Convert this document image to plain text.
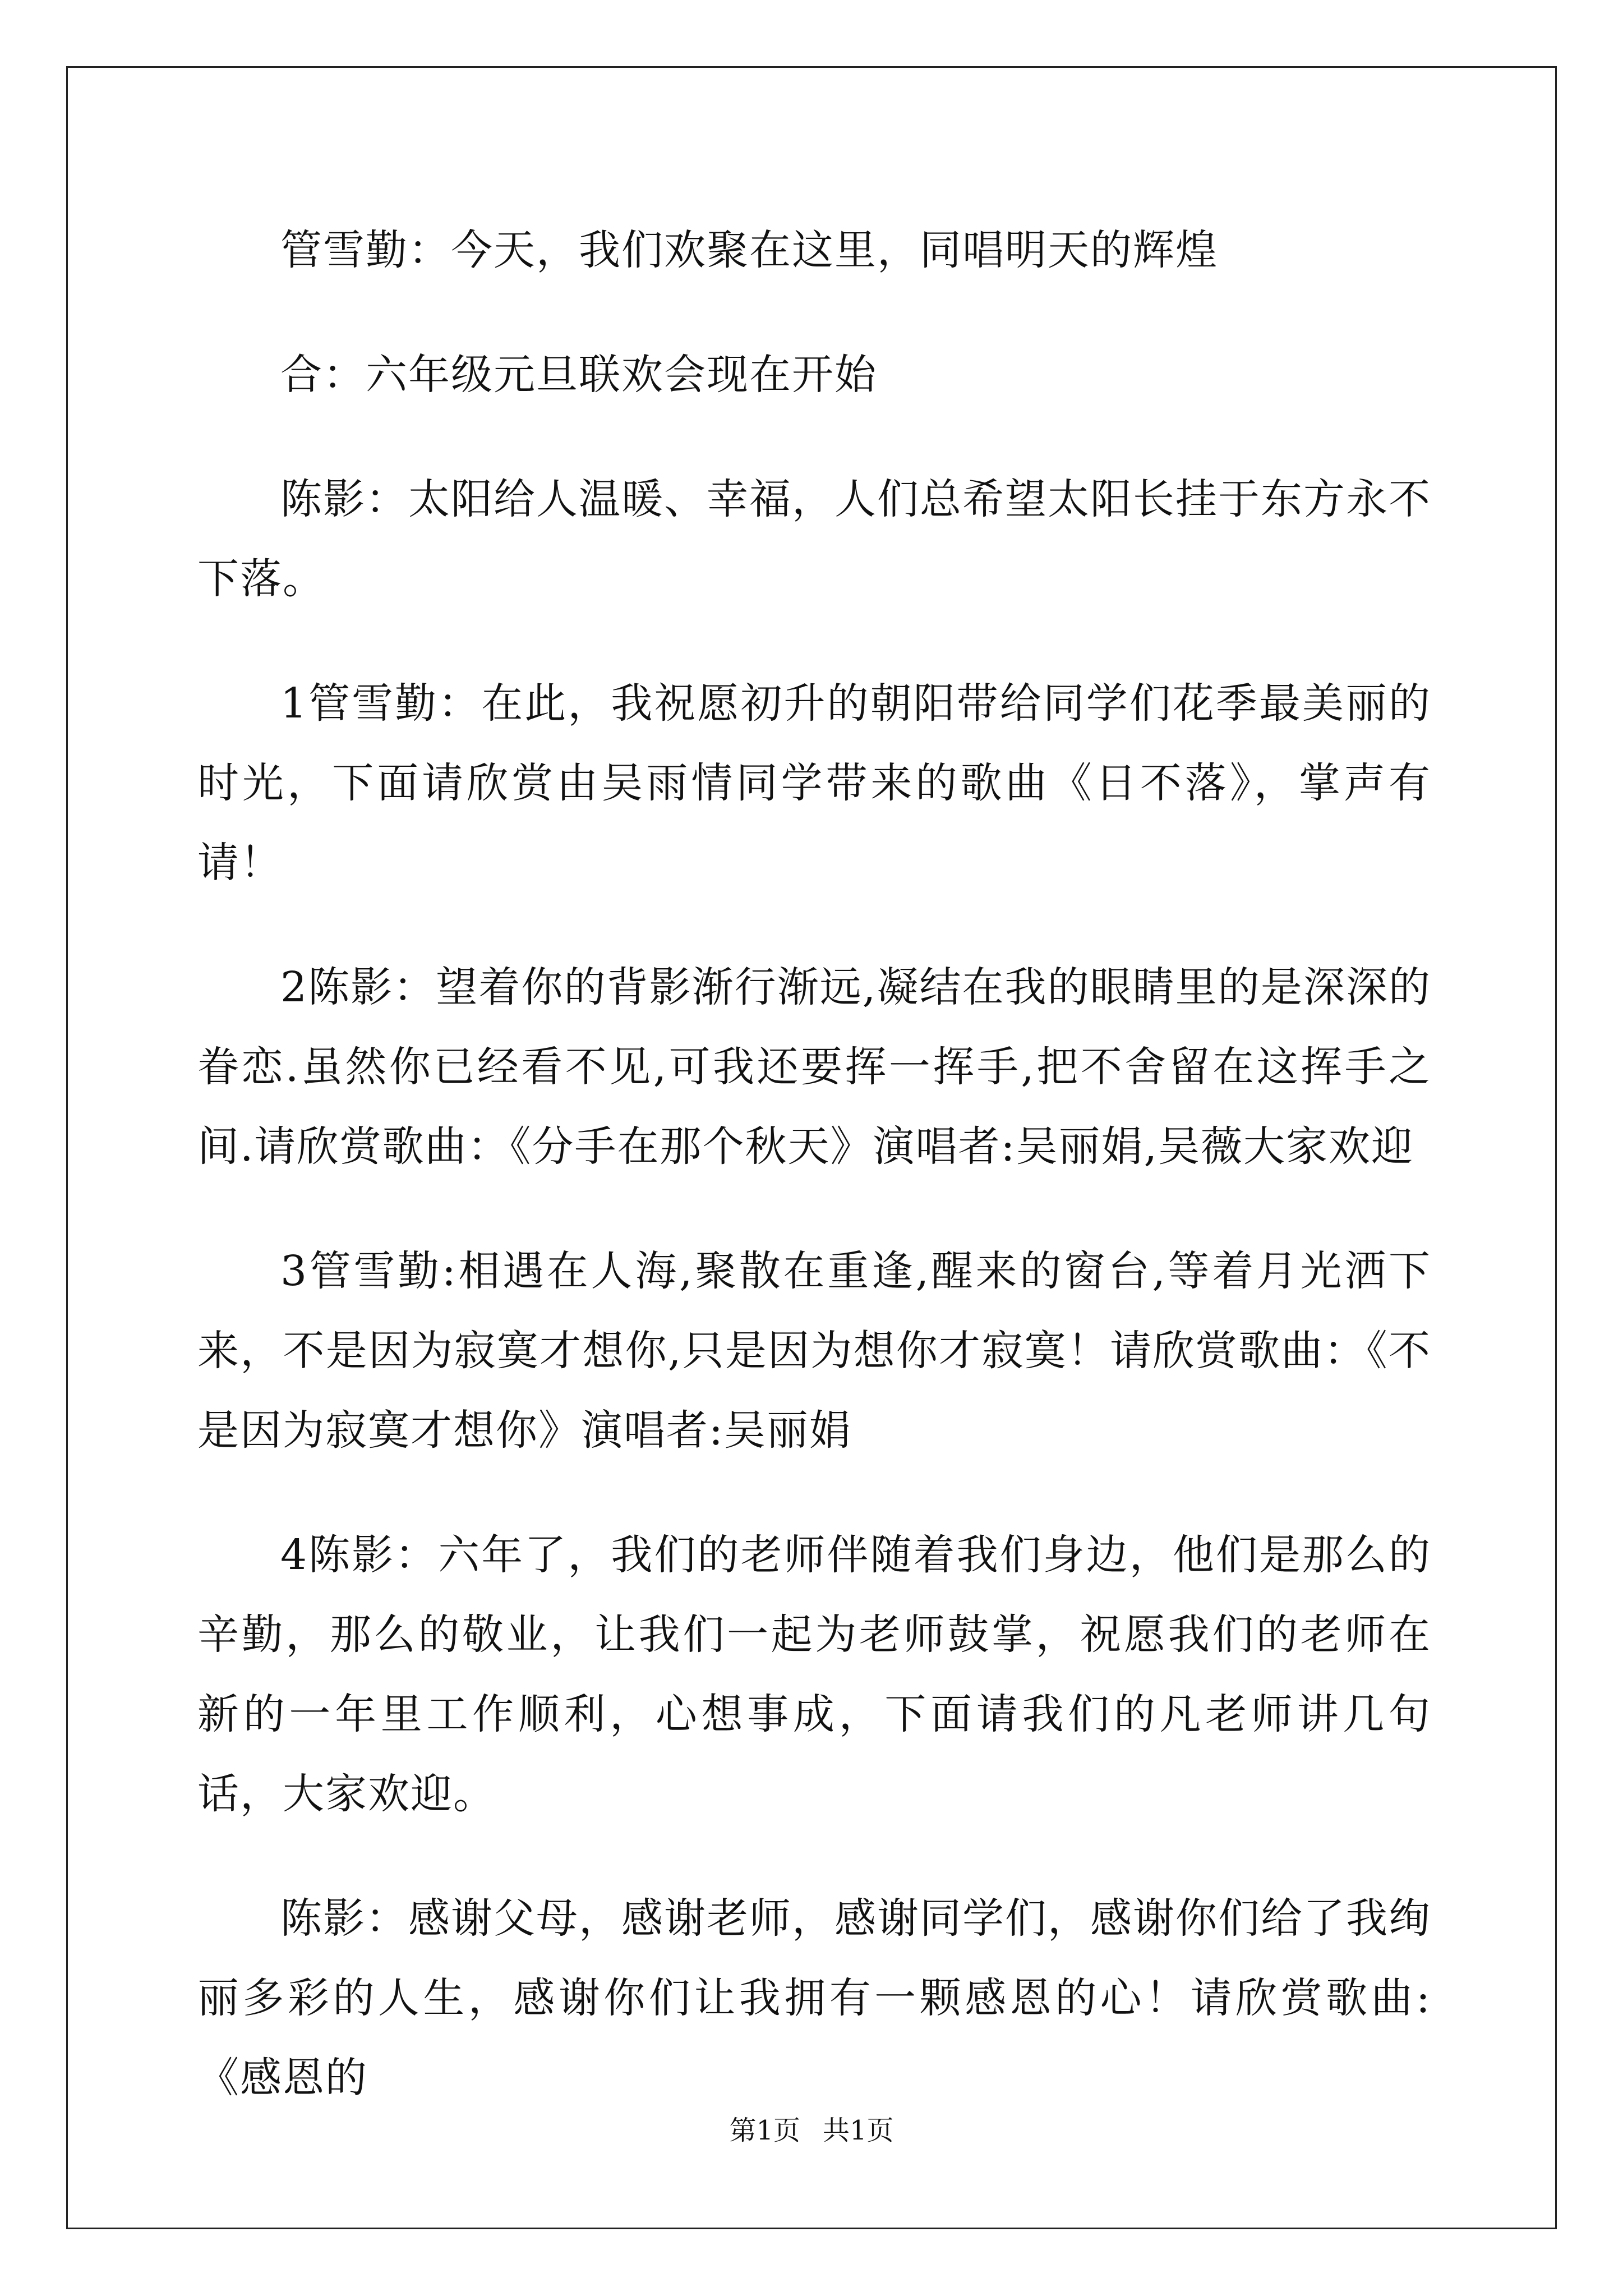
管雪勤：今天，我们欢聚在这里，同唱明天的辉煌

合：六年级元旦联欢会现在开始

陈影：太阳给人温暖、幸福，人们总希望太阳长挂于东方永不下落。

1管雪勤：在此，我祝愿初升的朝阳带给同学们花季最美丽的时光，下面请欣赏由吴雨情同学带来的歌曲《日不落》，掌声有请！

2陈影：望着你的背影渐行渐远,凝结在我的眼睛里的是深深的眷恋.虽然你已经看不见,可我还要挥一挥手,把不舍留在这挥手之间.请欣赏歌曲：《分手在那个秋天》演唱者:吴丽娟,吴薇大家欢迎

3管雪勤:相遇在人海,聚散在重逢,醒来的窗台,等着月光洒下来，不是因为寂寞才想你,只是因为想你才寂寞！请欣赏歌曲：《不是因为寂寞才想你》演唱者:吴丽娟

4陈影：六年了，我们的老师伴随着我们身边，他们是那么的辛勤，那么的敬业，让我们一起为老师鼓掌，祝愿我们的老师在新的一年里工作顺利，心想事成，下面请我们的凡老师讲几句话，大家欢迎。

陈影：感谢父母，感谢老师，感谢同学们，感谢你们给了我绚丽多彩的人生，感谢你们让我拥有一颗感恩的心！请欣赏歌曲:《感恩的

第1页 共1页
